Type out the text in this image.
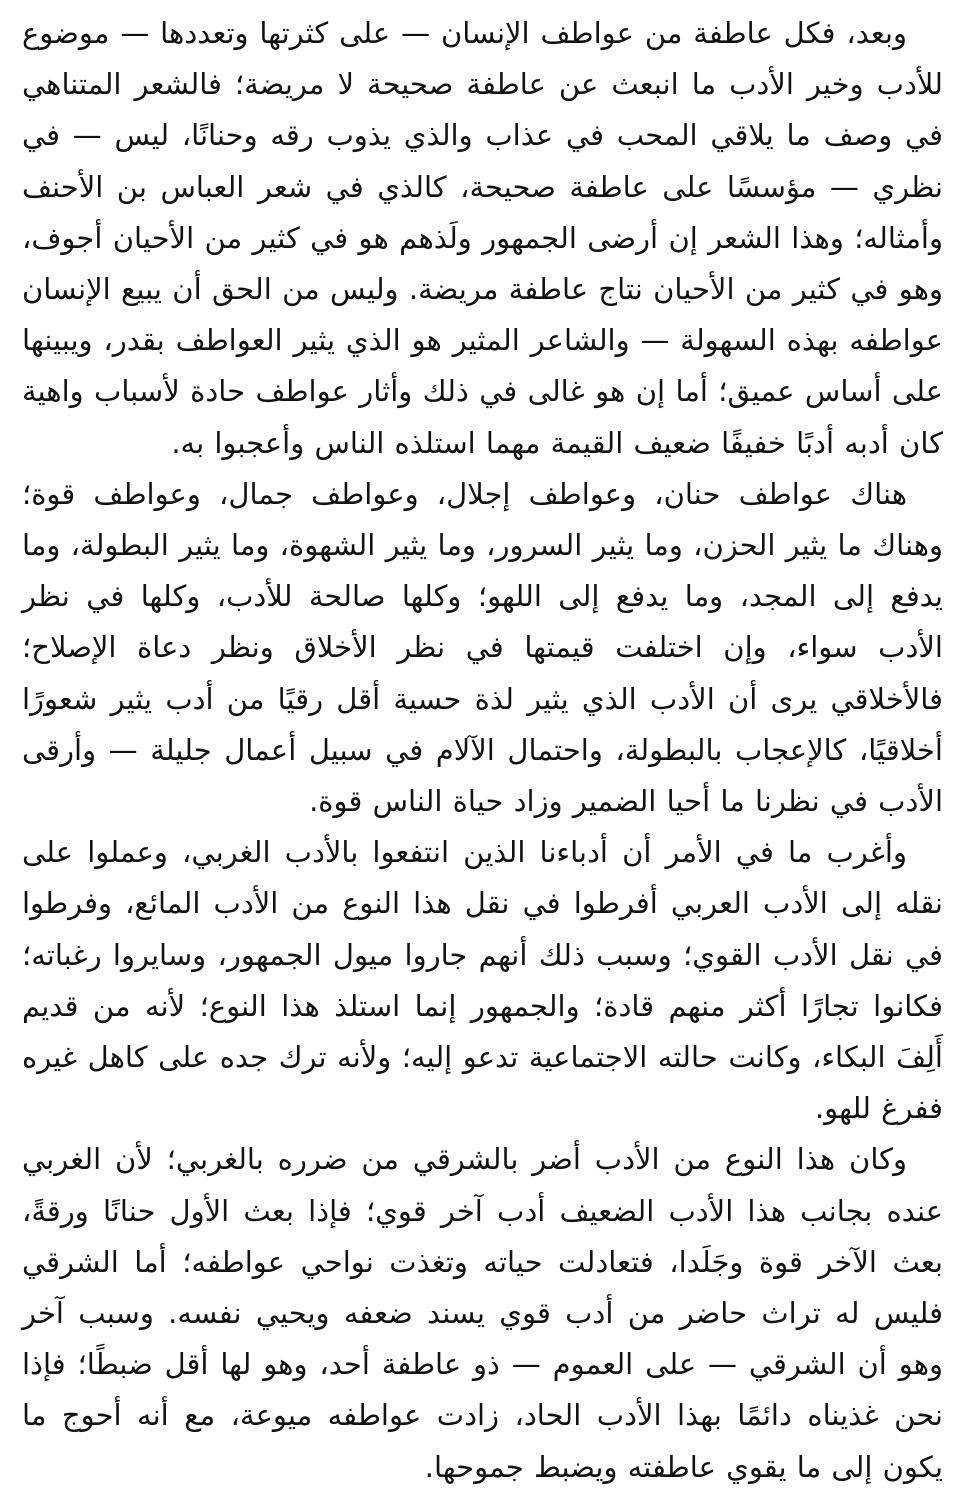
وبعد، فكل عاطفة من عواطف الإنسان — على كثرتها وتعددها — موضوع للأدب وخير الأدب ما انبعث عن عاطفة صحيحة لا مريضة؛ فالشعر المتناهي في وصف ما يلاقي المحب في عذاب والذي يذوب رقه وحنانًا، ليس — في نظري — مؤسسًا على عاطفة صحيحة، كالذي في شعر العباس بن الأحنف وأمثاله؛ وهذا الشعر إن أرضى الجمهور ولَذهم هو في كثير من الأحيان أجوف، وهو في كثير من الأحيان نتاج عاطفة مريضة. وليس من الحق أن يبيع الإنسان عواطفه بهذه السهولة — والشاعر المثير هو الذي يثير العواطف بقدر، ويبينها على أساس عميق؛ أما إن هو غالى في ذلك وأثار عواطف حادة لأسباب واهية كان أدبه أدبًا خفيفًا ضعيف القيمة مهما استلذه الناس وأعجبوا به.

هناك عواطف حنان، وعواطف إجلال، وعواطف جمال، وعواطف قوة؛ وهناك ما يثير الحزن، وما يثير السرور، وما يثير الشهوة، وما يثير البطولة، وما يدفع إلى المجد، وما يدفع إلى اللهو؛ وكلها صالحة للأدب، وكلها في نظر الأدب سواء، وإن اختلفت قيمتها في نظر الأخلاق ونظر دعاة الإصلاح؛ فالأخلاقي يرى أن الأدب الذي يثير لذة حسية أقل رقيًا من أدب يثير شعورًا أخلاقيًا، كالإعجاب بالبطولة، واحتمال الآلام في سبيل أعمال جليلة — وأرقى الأدب في نظرنا ما أحيا الضمير وزاد حياة الناس قوة.

وأغرب ما في الأمر أن أدباءنا الذين انتفعوا بالأدب الغربي، وعملوا على نقله إلى الأدب العربي أفرطوا في نقل هذا النوع من الأدب المائع، وفرطوا في نقل الأدب القوي؛ وسبب ذلك أنهم جاروا ميول الجمهور، وسايروا رغباته؛ فكانوا تجارًا أكثر منهم قادة؛ والجمهور إنما استلذ هذا النوع؛ لأنه من قديم أَلِفَ البكاء، وكانت حالته الاجتماعية تدعو إليه؛ ولأنه ترك جده على كاهل غيره ففرغ للهو.

وكان هذا النوع من الأدب أضر بالشرقي من ضرره بالغربي؛ لأن الغربي عنده بجانب هذا الأدب الضعيف أدب آخر قوي؛ فإذا بعث الأول حنانًا ورقةً، بعث الآخر قوة وجَلَدا، فتعادلت حياته وتغذت نواحي عواطفه؛ أما الشرقي فليس له تراث حاضر من أدب قوي يسند ضعفه ويحيي نفسه. وسبب آخر وهو أن الشرقي — على العموم — ذو عاطفة أحد، وهو لها أقل ضبطًا؛ فإذا نحن غذيناه دائمًا بهذا الأدب الحاد، زادت عواطفه ميوعة، مع أنه أحوج ما يكون إلى ما يقوي عاطفته ويضبط جموحها.
